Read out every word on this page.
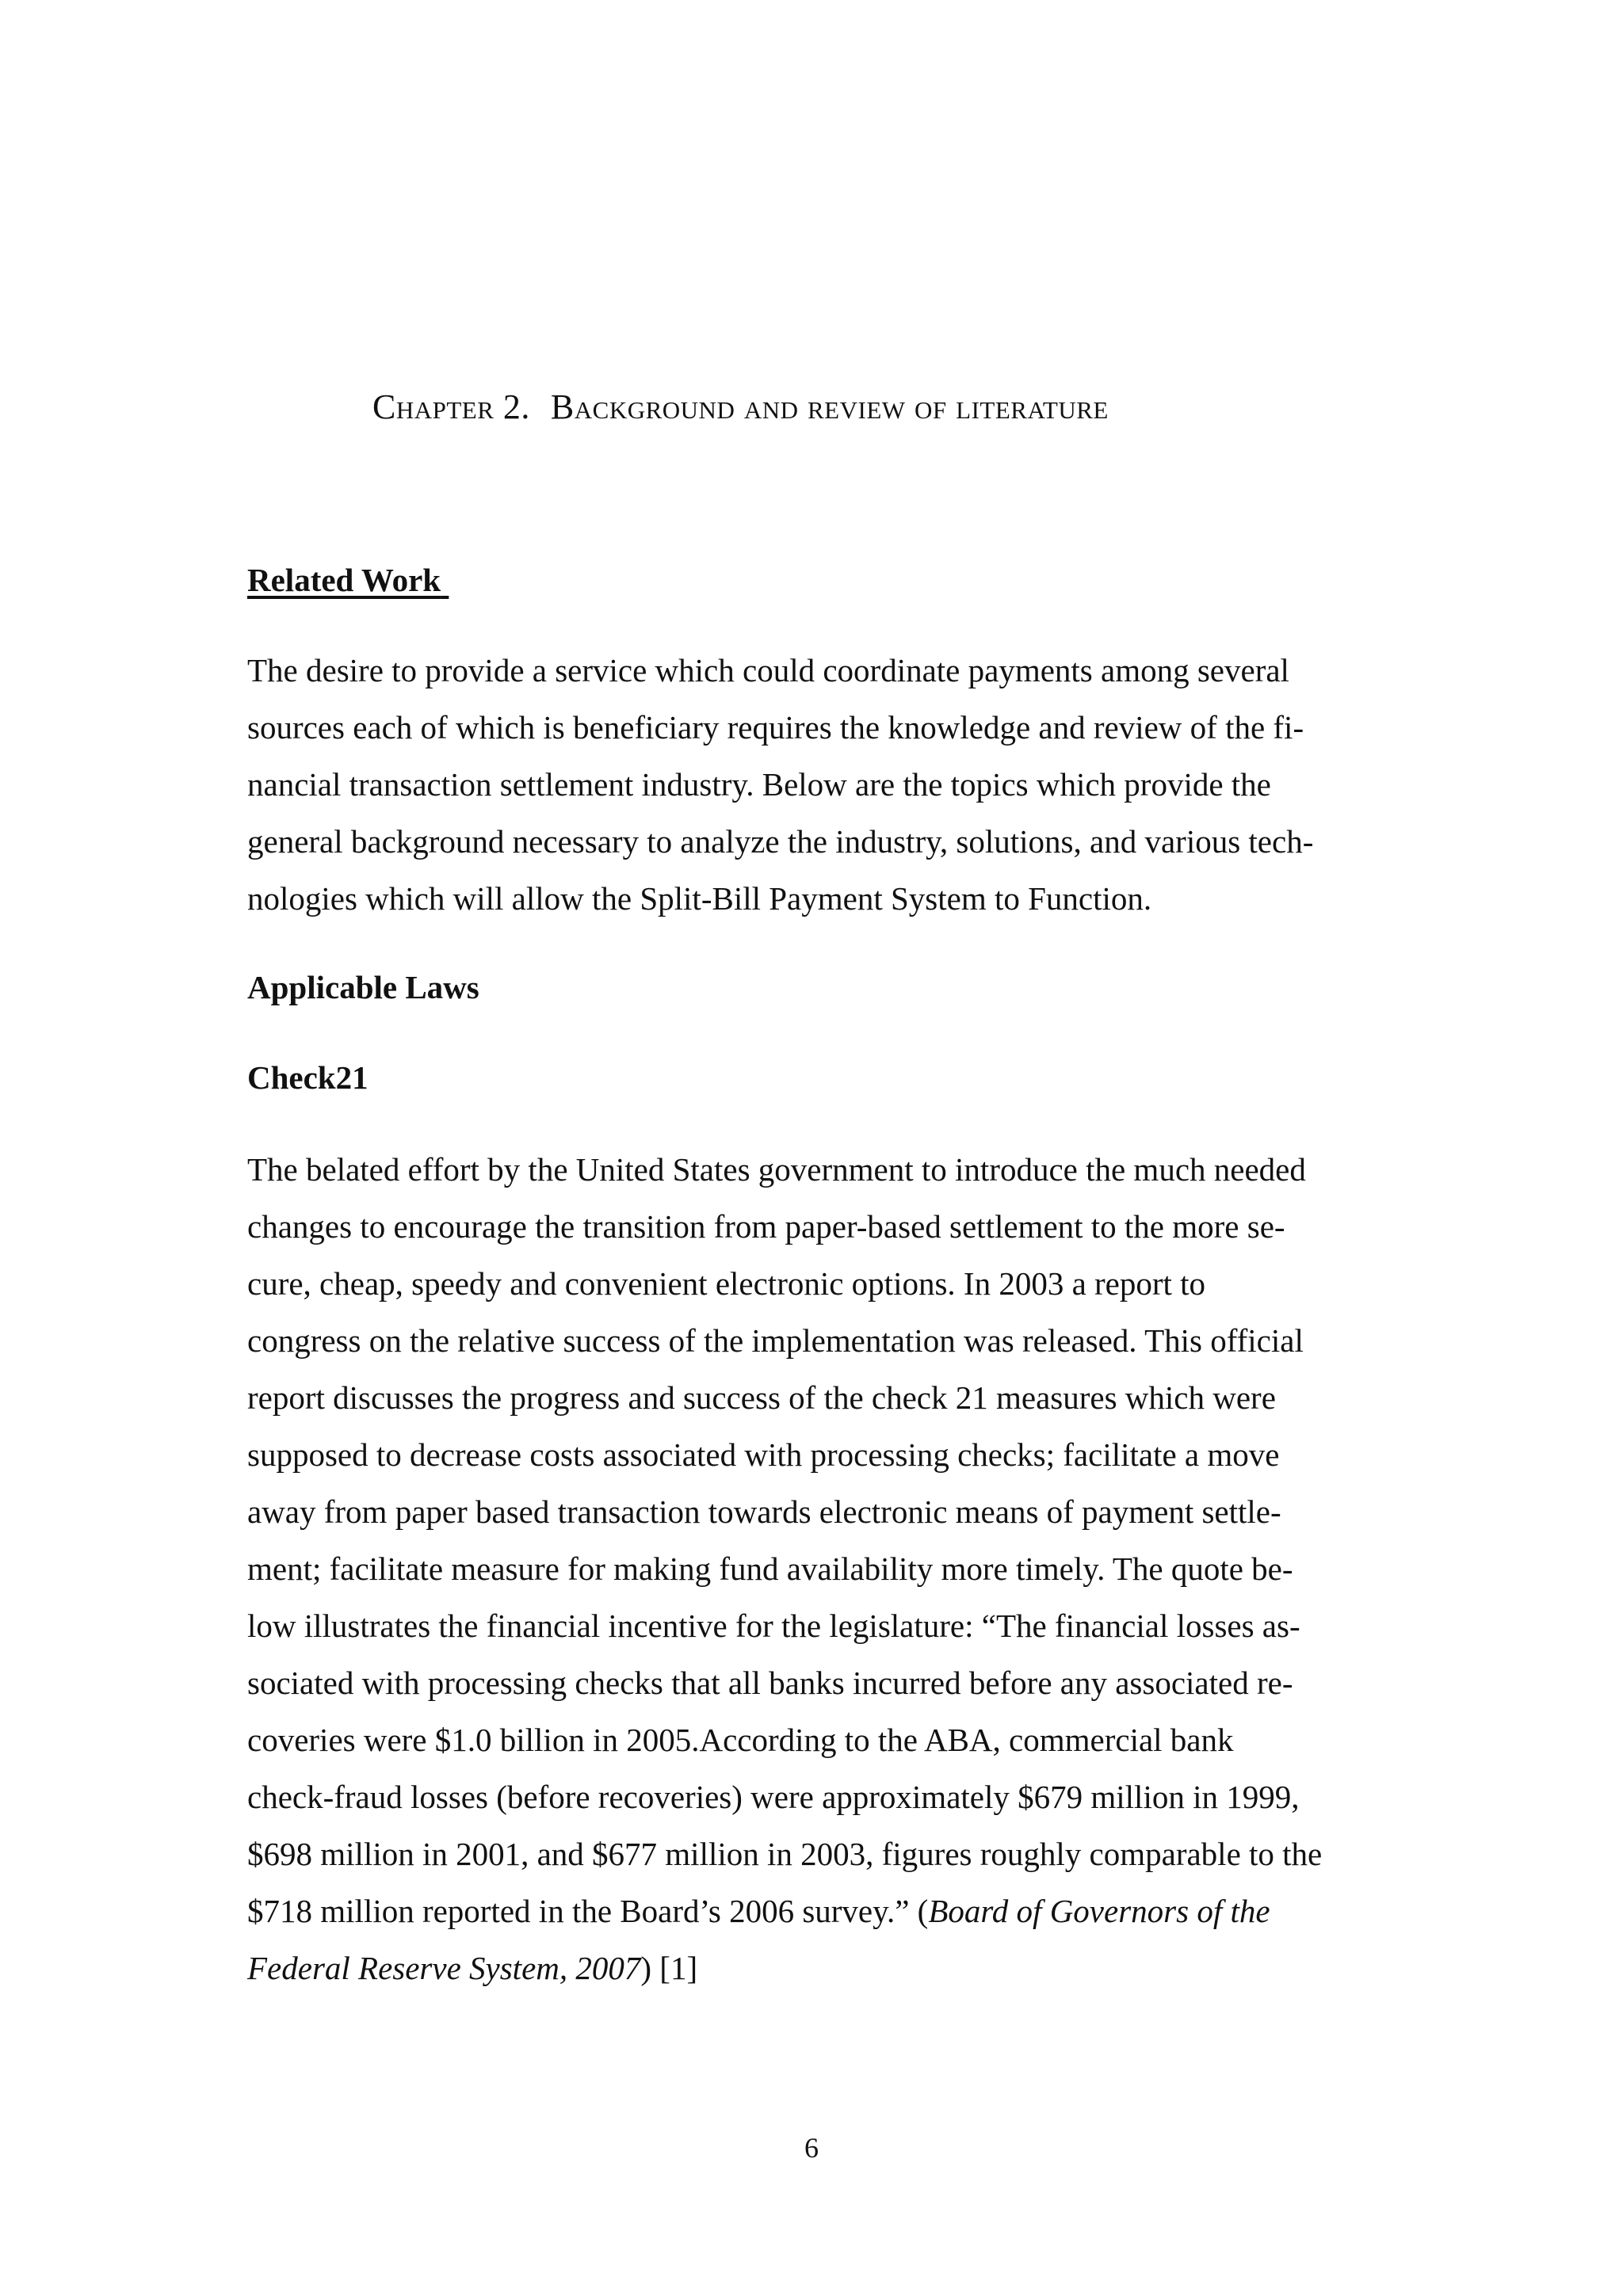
Chapter 2. Background and review of literature
Related Work
The desire to provide a service which could coordinate payments among several
sources each of which is beneficiary requires the knowledge and review of the fi-
nancial transaction settlement industry. Below are the topics which provide the
general background necessary to analyze the industry, solutions, and various tech-
nologies which will allow the Split-Bill Payment System to Function.
Applicable Laws
Check21
The belated effort by the United States government to introduce the much needed
changes to encourage the transition from paper-based settlement to the more se-
cure, cheap, speedy and convenient electronic options. In 2003 a report to
congress on the relative success of the implementation was released. This official
report discusses the progress and success of the check 21 measures which were
supposed to decrease costs associated with processing checks; facilitate a move
away from paper based transaction towards electronic means of payment settle-
ment; facilitate measure for making fund availability more timely. The quote be-
low illustrates the financial incentive for the legislature: “The financial losses as-
sociated with processing checks that all banks incurred before any associated re-
coveries were $1.0 billion in 2005.According to the ABA, commercial bank
check-fraud losses (before recoveries) were approximately $679 million in 1999,
$698 million in 2001, and $677 million in 2003, figures roughly comparable to the
$718 million reported in the Board’s 2006 survey.” (Board of Governors of the
Federal Reserve System, 2007) [1]
6
